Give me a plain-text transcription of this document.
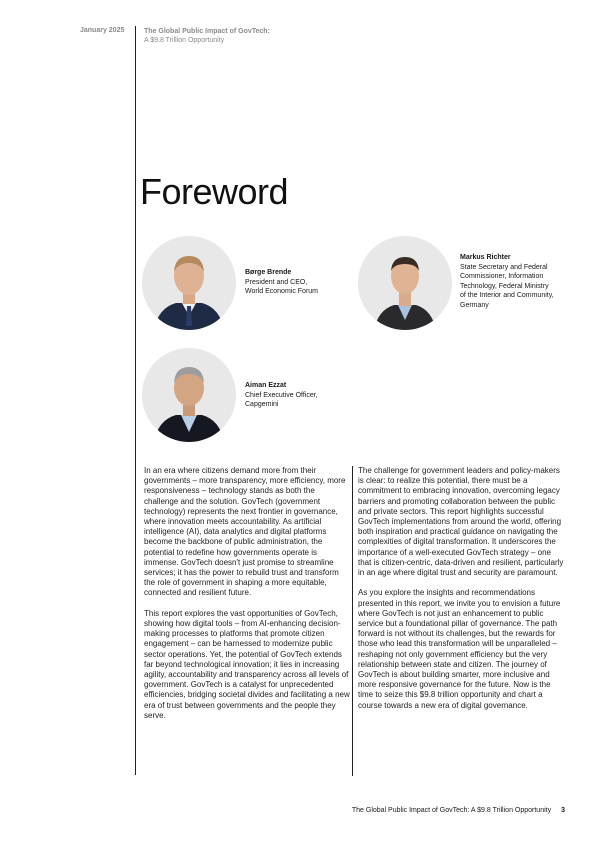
January 2025	The Global Public Impact of GovTech:
A $9.8 Trillion Opportunity
Foreword
Børge Brende
President and CEO,
World Economic Forum
Markus Richter
State Secretary and Federal
Commissioner, Information
Technology, Federal Ministry
of the Interior and Community,
Germany
Aiman Ezzat
Chief Executive Officer,
Capgemini

In an era where citizens demand more from their governments – more transparency, more efficiency, more responsiveness – technology stands as both the challenge and the solution. GovTech (government technology) represents the next frontier in governance, where innovation meets accountability. As artificial intelligence (AI), data analytics and digital platforms become the backbone of public administration, the potential to redefine how governments operate is immense. GovTech doesn't just promise to streamline services; it has the power to rebuild trust and transform the role of government in shaping a more equitable, connected and resilient future.

This report explores the vast opportunities of GovTech, showing how digital tools – from AI-enhancing decision-making processes to platforms that promote citizen engagement – can be harnessed to modernize public sector operations. Yet, the potential of GovTech extends far beyond technological innovation; it lies in increasing agility, accountability and transparency across all levels of government. GovTech is a catalyst for unprecedented efficiencies, bridging societal divides and facilitating a new era of trust between governments and the people they serve.

The challenge for government leaders and policy-makers is clear: to realize this potential, there must be a commitment to embracing innovation, overcoming legacy barriers and promoting collaboration between the public and private sectors. This report highlights successful GovTech implementations from around the world, offering both inspiration and practical guidance on navigating the complexities of digital transformation. It underscores the importance of a well-executed GovTech strategy – one that is citizen-centric, data-driven and resilient, particularly in an age where digital trust and security are paramount.

As you explore the insights and recommendations presented in this report, we invite you to envision a future where GovTech is not just an enhancement to public service but a foundational pillar of governance. The path forward is not without its challenges, but the rewards for those who lead this transformation will be unparalleled – reshaping not only government efficiency but the very relationship between state and citizen. The journey of GovTech is about building smarter, more inclusive and more responsive governance for the future. Now is the time to seize this $9.8 trillion opportunity and chart a course towards a new era of digital governance.

The Global Public Impact of GovTech: A $9.8 Trillion Opportunity 3
